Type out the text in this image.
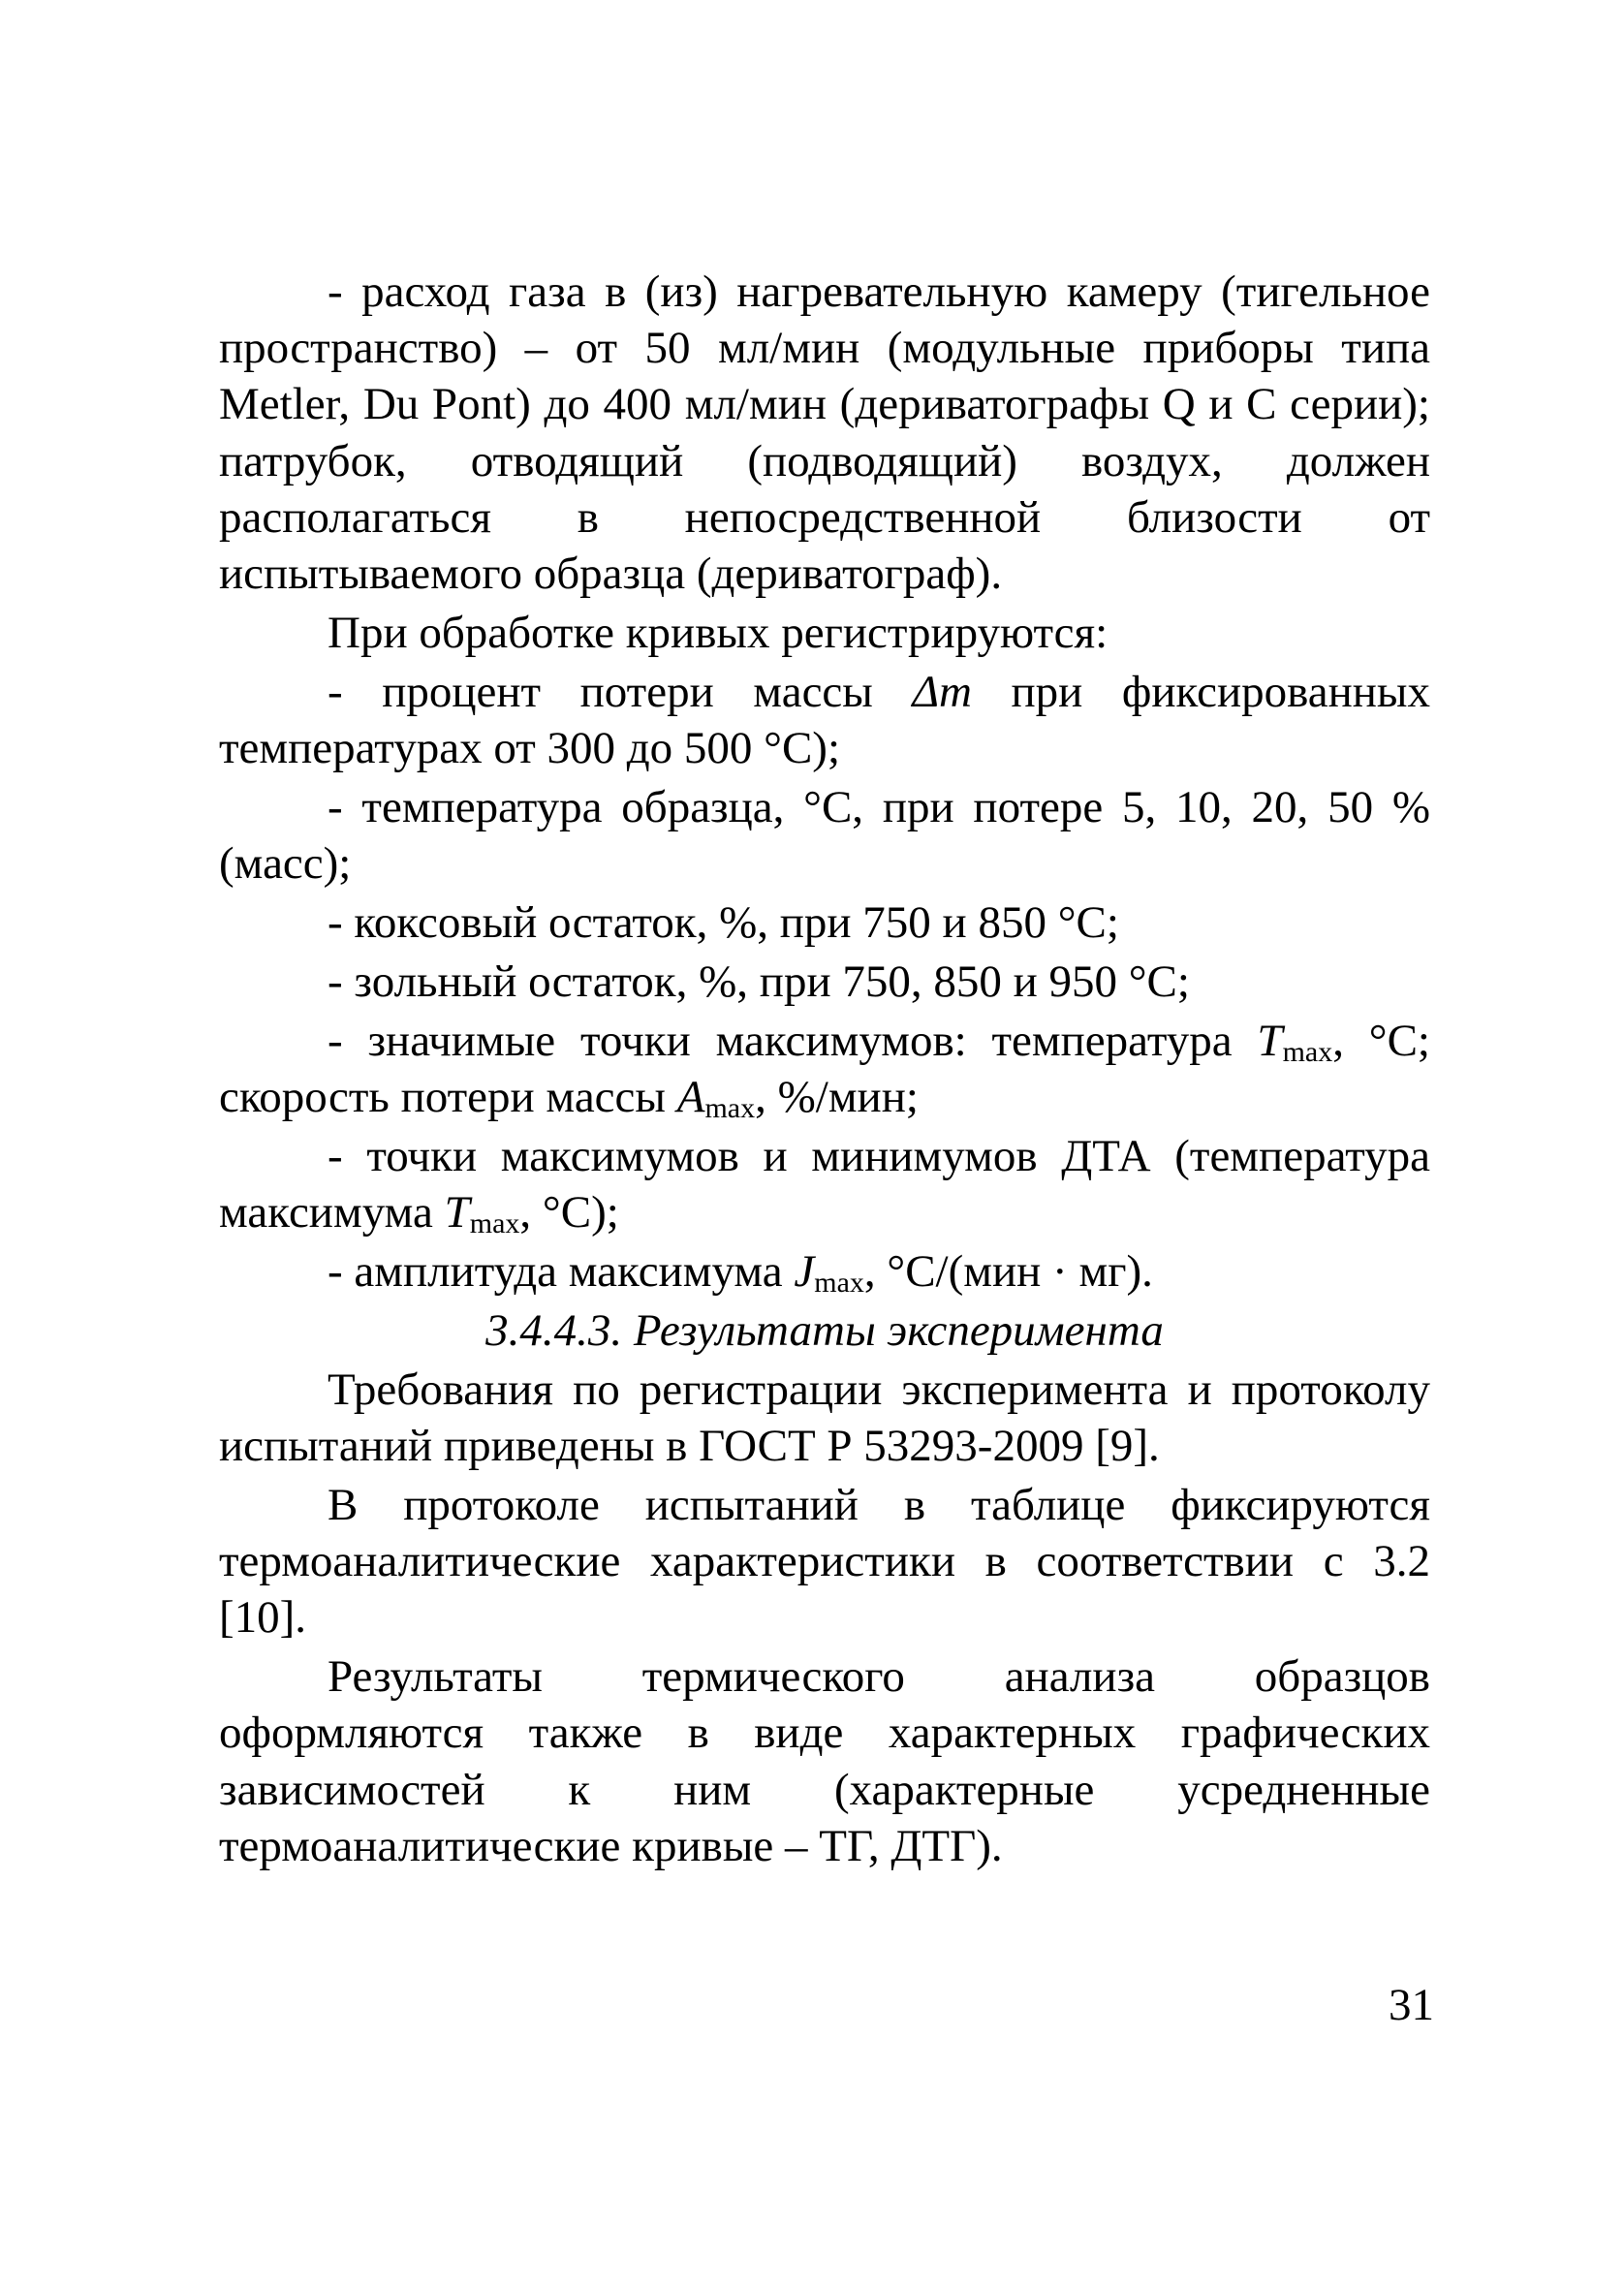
- расход газа в (из) нагревательную камеру (тигельное пространство) – от 50 мл/мин (модульные приборы типа Metler, Du Pont) до 400 мл/мин (дериватографы Q и C серии); патрубок, отводящий (подводящий) воздух, должен располагаться в непосредственной близости от испытываемого образца (дериватограф).

При обработке кривых регистрируются:

- процент потери массы Δm при фиксированных температурах от 300 до 500 °C);

- температура образца, °C, при потере 5, 10, 20, 50 % (масс);

- коксовый остаток, %, при 750 и 850 °C;

- зольный остаток, %, при 750, 850 и 950 °C;

- значимые точки максимумов: температура $T_{max}$, °C; скорость потери массы $A_{max}$, %/мин;

- точки максимумов и минимумов ДТА (температура максимума $T_{max}$, °C);

- амплитуда максимума $J_{max}$, °C/(мин · мг).

3.4.4.3. Результаты эксперимента

Требования по регистрации эксперимента и протоколу испытаний приведены в ГОСТ Р 53293-2009 [9].

В протоколе испытаний в таблице фиксируются термоаналитические характеристики в соответствии с 3.2 [10].

Результаты термического анализа образцов оформляются также в виде характерных графических зависимостей к ним (характерные усредненные термоаналитические кривые – ТГ, ДТГ).

31
